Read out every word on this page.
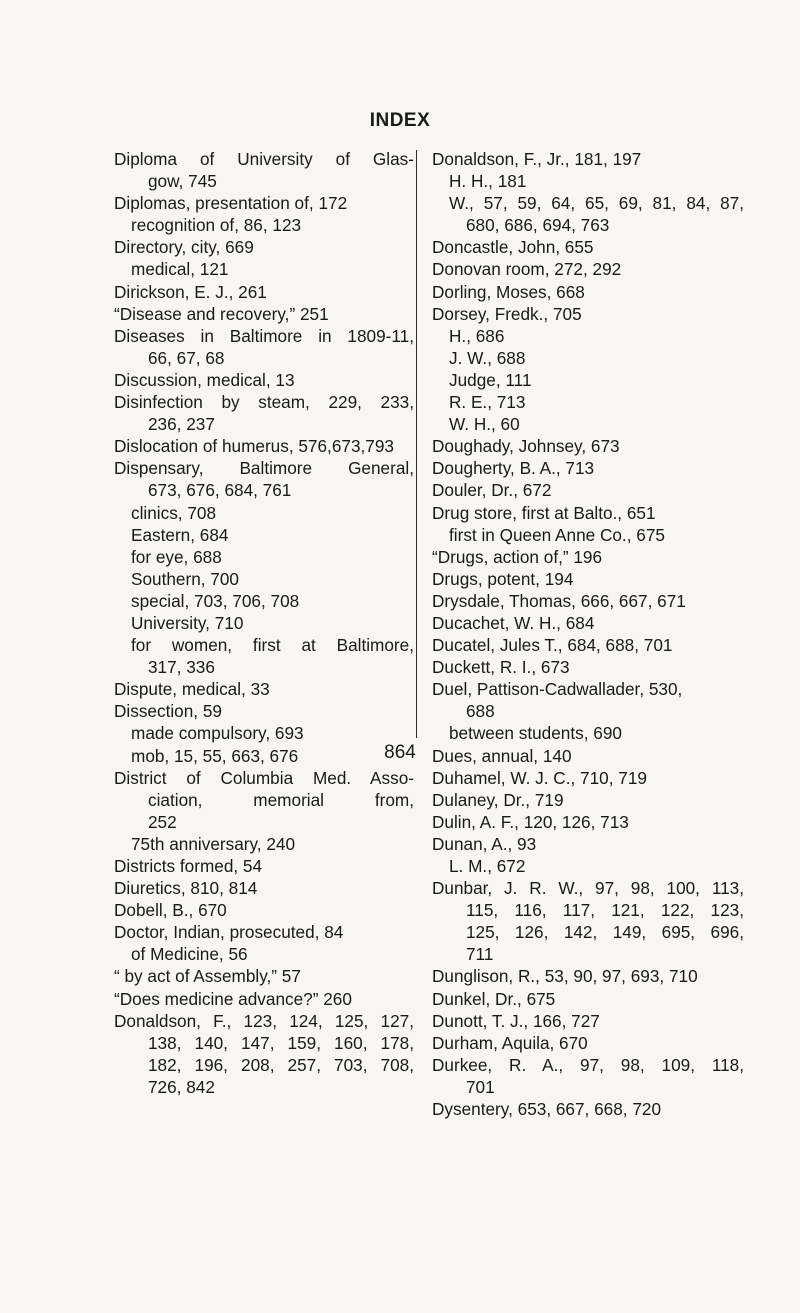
INDEX
Diploma of University of Glas-
gow, 745
Diplomas, presentation of, 172
recognition of, 86, 123
Directory, city, 669
medical, 121
Dirickson, E. J., 261
“Disease and recovery,” 251
Diseases in Baltimore in 1809-11,
66, 67, 68
Discussion, medical, 13
Disinfection by steam, 229, 233,
236, 237
Dislocation of humerus, 576,673,793
Dispensary, Baltimore General,
673, 676, 684, 761
clinics, 708
Eastern, 684
for eye, 688
Southern, 700
special, 703, 706, 708
University, 710
for women, first at Baltimore,
317, 336
Dispute, medical, 33
Dissection, 59
made compulsory, 693
mob, 15, 55, 663, 676
District of Columbia Med. Asso-
ciation, memorial from,
252
75th anniversary, 240
Districts formed, 54
Diuretics, 810, 814
Dobell, B., 670
Doctor, Indian, prosecuted, 84
of Medicine, 56
“ by act of Assembly,” 57
“Does medicine advance?” 260
Donaldson, F., 123, 124, 125, 127,
138, 140, 147, 159, 160, 178,
182, 196, 208, 257, 703, 708,
726, 842
Donaldson, F., Jr., 181, 197
H. H., 181
W., 57, 59, 64, 65, 69, 81, 84, 87,
680, 686, 694, 763
Doncastle, John, 655
Donovan room, 272, 292
Dorling, Moses, 668
Dorsey, Fredk., 705
H., 686
J. W., 688
Judge, 111
R. E., 713
W. H., 60
Doughady, Johnsey, 673
Dougherty, B. A., 713
Douler, Dr., 672
Drug store, first at Balto., 651
first in Queen Anne Co., 675
“Drugs, action of,” 196
Drugs, potent, 194
Drysdale, Thomas, 666, 667, 671
Ducachet, W. H., 684
Ducatel, Jules T., 684, 688, 701
Duckett, R. I., 673
Duel, Pattison-Cadwallader, 530,
688
between students, 690
Dues, annual, 140
Duhamel, W. J. C., 710, 719
Dulaney, Dr., 719
Dulin, A. F., 120, 126, 713
Dunan, A., 93
L. M., 672
Dunbar, J. R. W., 97, 98, 100, 113,
115, 116, 117, 121, 122, 123,
125, 126, 142, 149, 695, 696,
711
Dunglison, R., 53, 90, 97, 693, 710
Dunkel, Dr., 675
Dunott, T. J., 166, 727
Durham, Aquila, 670
Durkee, R. A., 97, 98, 109, 118,
701
Dysentery, 653, 667, 668, 720
864
